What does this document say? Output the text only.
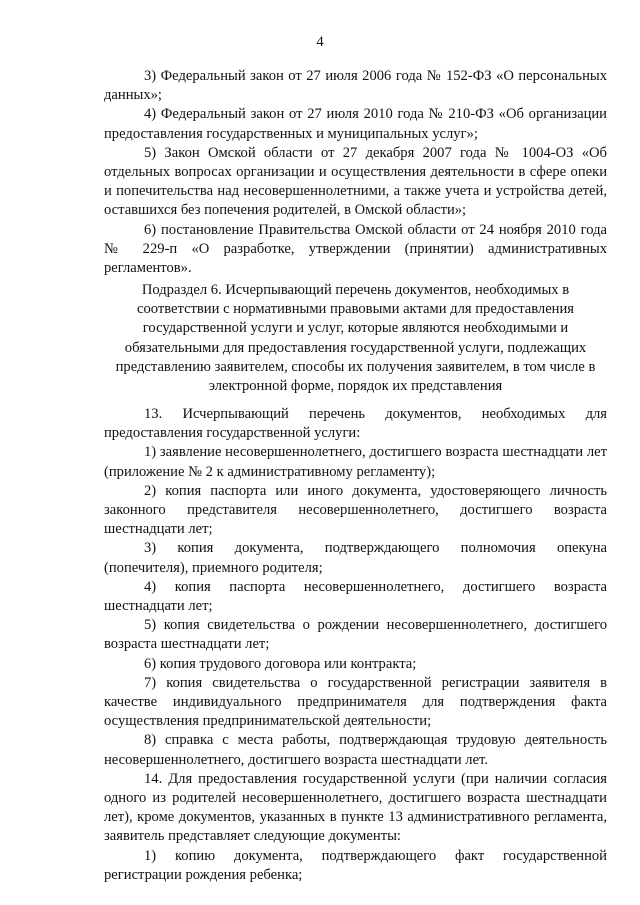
4

3) Федеральный закон от 27 июля 2006 года № 152-ФЗ «О персональных данных»;

4) Федеральный закон от 27 июля 2010 года № 210-ФЗ «Об организации предоставления государственных и муниципальных услуг»;

5) Закон Омской области от 27 декабря 2007 года № 1004-ОЗ «Об отдельных вопросах организации и осуществления деятельности в сфере опеки и попечительства над несовершеннолетними, а также учета и устройства детей, оставшихся без попечения родителей, в Омской области»;

6) постановление Правительства Омской области от 24 ноября 2010 года № 229-п «О разработке, утверждении (принятии) административных регламентов».

Подраздел 6. Исчерпывающий перечень документов, необходимых в соответствии с нормативными правовыми актами для предоставления государственной услуги и услуг, которые являются необходимыми и обязательными для предоставления государственной услуги, подлежащих представлению заявителем, способы их получения заявителем, в том числе в электронной форме, порядок их представления

13. Исчерпывающий перечень документов, необходимых для предоставления государственной услуги:

1) заявление несовершеннолетнего, достигшего возраста шестнадцати лет (приложение № 2 к административному регламенту);

2) копия паспорта или иного документа, удостоверяющего личность законного представителя несовершеннолетнего, достигшего возраста шестнадцати лет;

3) копия документа, подтверждающего полномочия опекуна (попечителя), приемного родителя;

4) копия паспорта несовершеннолетнего, достигшего возраста шестнадцати лет;

5) копия свидетельства о рождении несовершеннолетнего, достигшего возраста шестнадцати лет;

6) копия трудового договора или контракта;

7) копия свидетельства о государственной регистрации заявителя в качестве индивидуального предпринимателя для подтверждения факта осуществления предпринимательской деятельности;

8) справка с места работы, подтверждающая трудовую деятельность несовершеннолетнего, достигшего возраста шестнадцати лет.

14. Для предоставления государственной услуги (при наличии согласия одного из родителей несовершеннолетнего, достигшего возраста шестнадцати лет), кроме документов, указанных в пункте 13 административного регламента, заявитель представляет следующие документы:

1) копию документа, подтверждающего факт государственной регистрации рождения ребенка;
